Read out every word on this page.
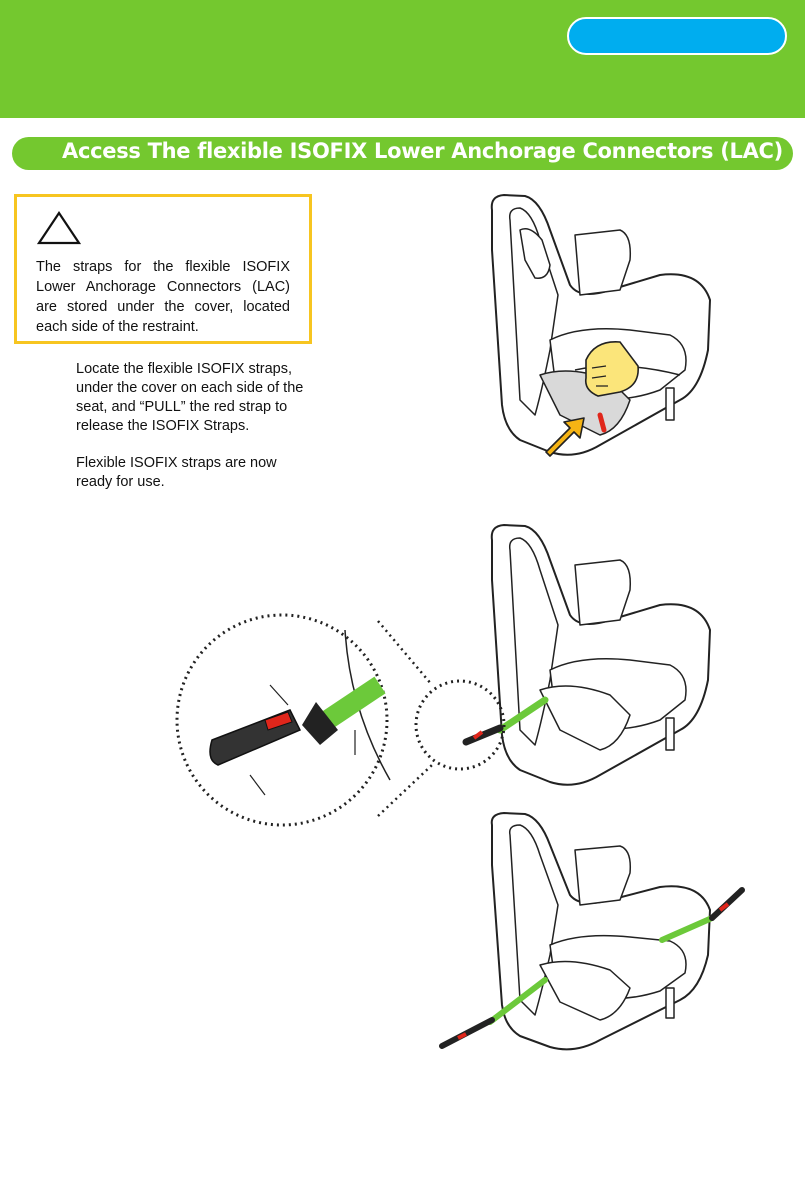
Access The flexible ISOFIX Lower Anchorage Connectors (LAC)
The straps for the flexible ISOFIX Lower Anchorage Connectors (LAC) are stored under the cover, located each side of the restraint.

Locate the flexible ISOFIX straps, under the cover on each side of the seat, and “PULL” the red strap to release the ISOFIX Straps.

Flexible ISOFIX straps are now ready for use.
